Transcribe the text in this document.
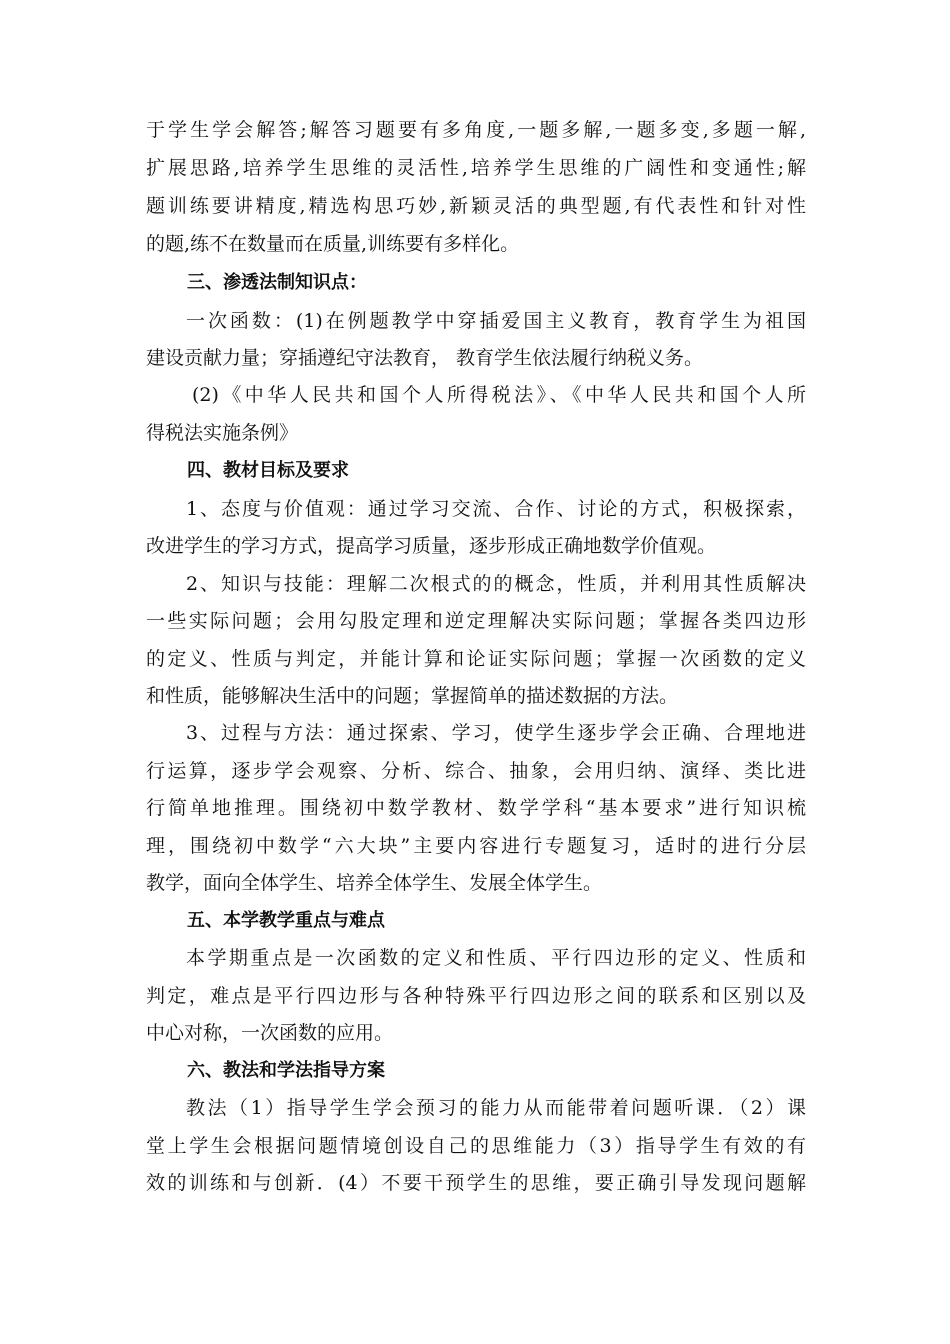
于学生学会解答;解答习题要有多角度,一题多解,一题多变,多题一解,
扩展思路,培养学生思维的灵活性,培养学生思维的广阔性和变通性;解
题训练要讲精度,精选构思巧妙,新颖灵活的典型题,有代表性和针对性
的题,练不在数量而在质量,训练要有多样化。
三、渗透法制知识点：
一次函数：(1)在例题教学中穿插爱国主义教育，教育学生为祖国
建设贡献力量；穿插遵纪守法教育， 教育学生依法履行纳税义务。
(2)《中华人民共和国个人所得税法》、《中华人民共和国个人所
得税法实施条例》
四、教材目标及要求
1、态度与价值观：通过学习交流、合作、讨论的方式，积极探索，
改进学生的学习方式，提高学习质量，逐步形成正确地数学价值观。
2、知识与技能：理解二次根式的的概念，性质，并利用其性质解决
一些实际问题；会用勾股定理和逆定理解决实际问题；掌握各类四边形
的定义、性质与判定，并能计算和论证实际问题；掌握一次函数的定义
和性质，能够解决生活中的问题；掌握简单的描述数据的方法。
3、过程与方法：通过探索、学习，使学生逐步学会正确、合理地进
行运算，逐步学会观察、分析、综合、抽象，会用归纳、演绎、类比进
行简单地推理。围绕初中数学教材、数学学科“基本要求”进行知识梳
理，围绕初中数学“六大块”主要内容进行专题复习，适时的进行分层
教学，面向全体学生、培养全体学生、发展全体学生。
五、本学教学重点与难点
本学期重点是一次函数的定义和性质、平行四边形的定义、性质和
判定，难点是平行四边形与各种特殊平行四边形之间的联系和区别以及
中心对称，一次函数的应用。
六、教法和学法指导方案
教法（1）指导学生学会预习的能力从而能带着问题听课．（2）课
堂上学生会根据问题情境创设自己的思维能力（3）指导学生有效的有
效的训练和与创新．(4）不要干预学生的思维，要正确引导发现问题解
